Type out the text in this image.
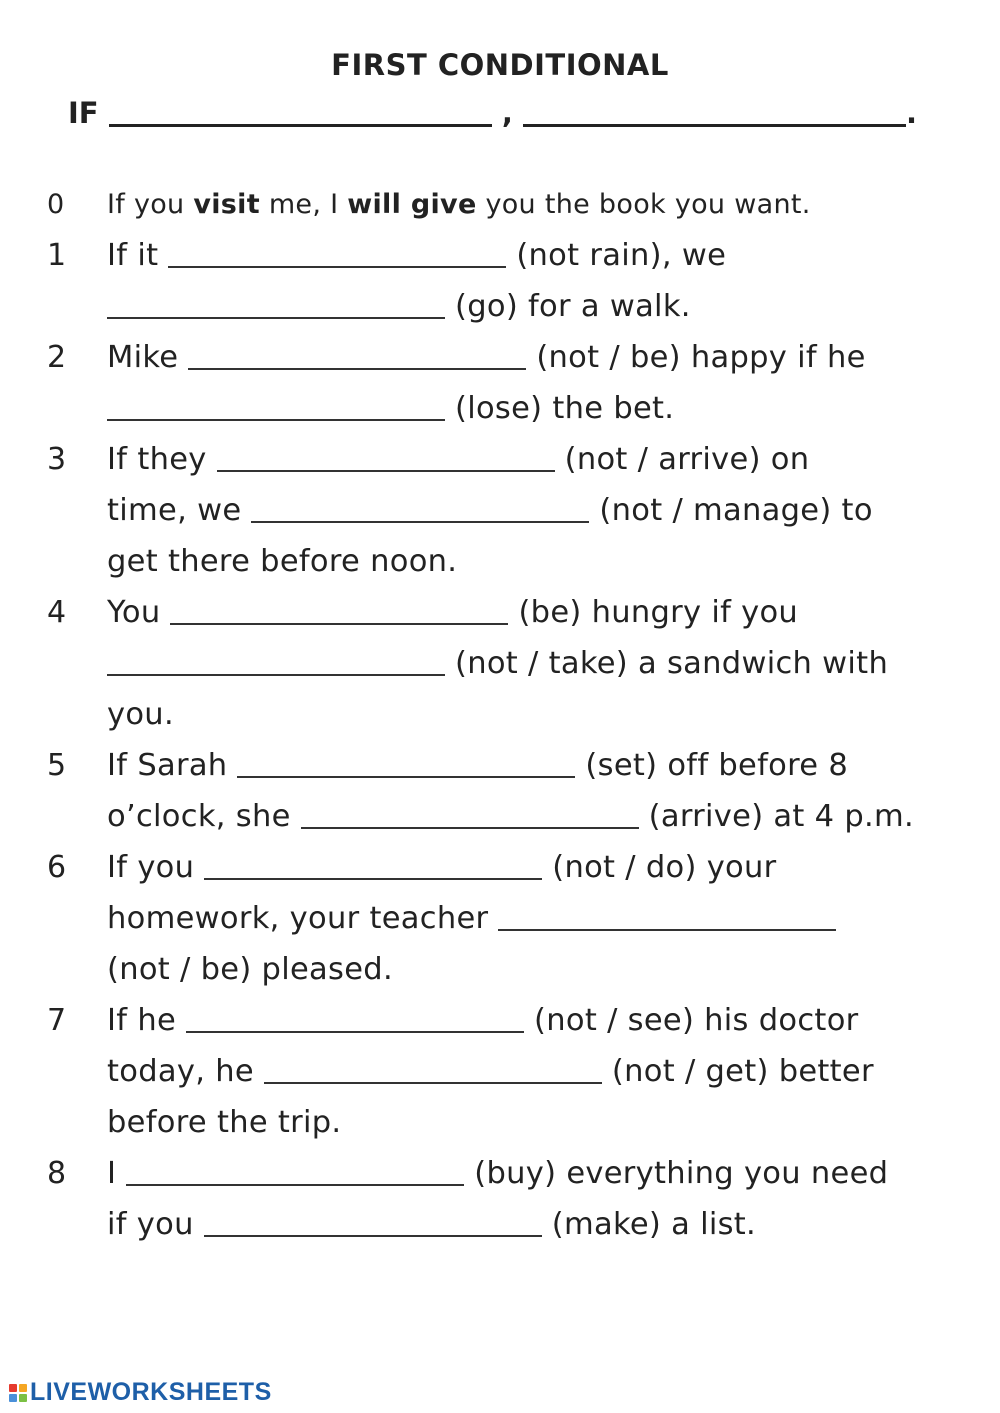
FIRST CONDITIONAL
IF	,	.
0 If you visit me, I will give you the book you want.
1 If it	(not rain), we
(go) for a walk.
2 Mike	(not / be) happy if he
(lose) the bet.
3 If they	(not / arrive) on
time, we	(not / manage) to
get there before noon.
4 You	(be) hungry if you
(not / take) a sandwich with
you.
5 If Sarah	(set) off before 8
o’clock, she	(arrive) at 4 p.m.
6 If you	(not / do) your
homework, your teacher
(not / be) pleased.
7 If he	(not / see) his doctor
today, he	(not / get) better
before the trip.
8 I	(buy) everything you need
if you	(make) a list.
LIVEWORKSHEETS
